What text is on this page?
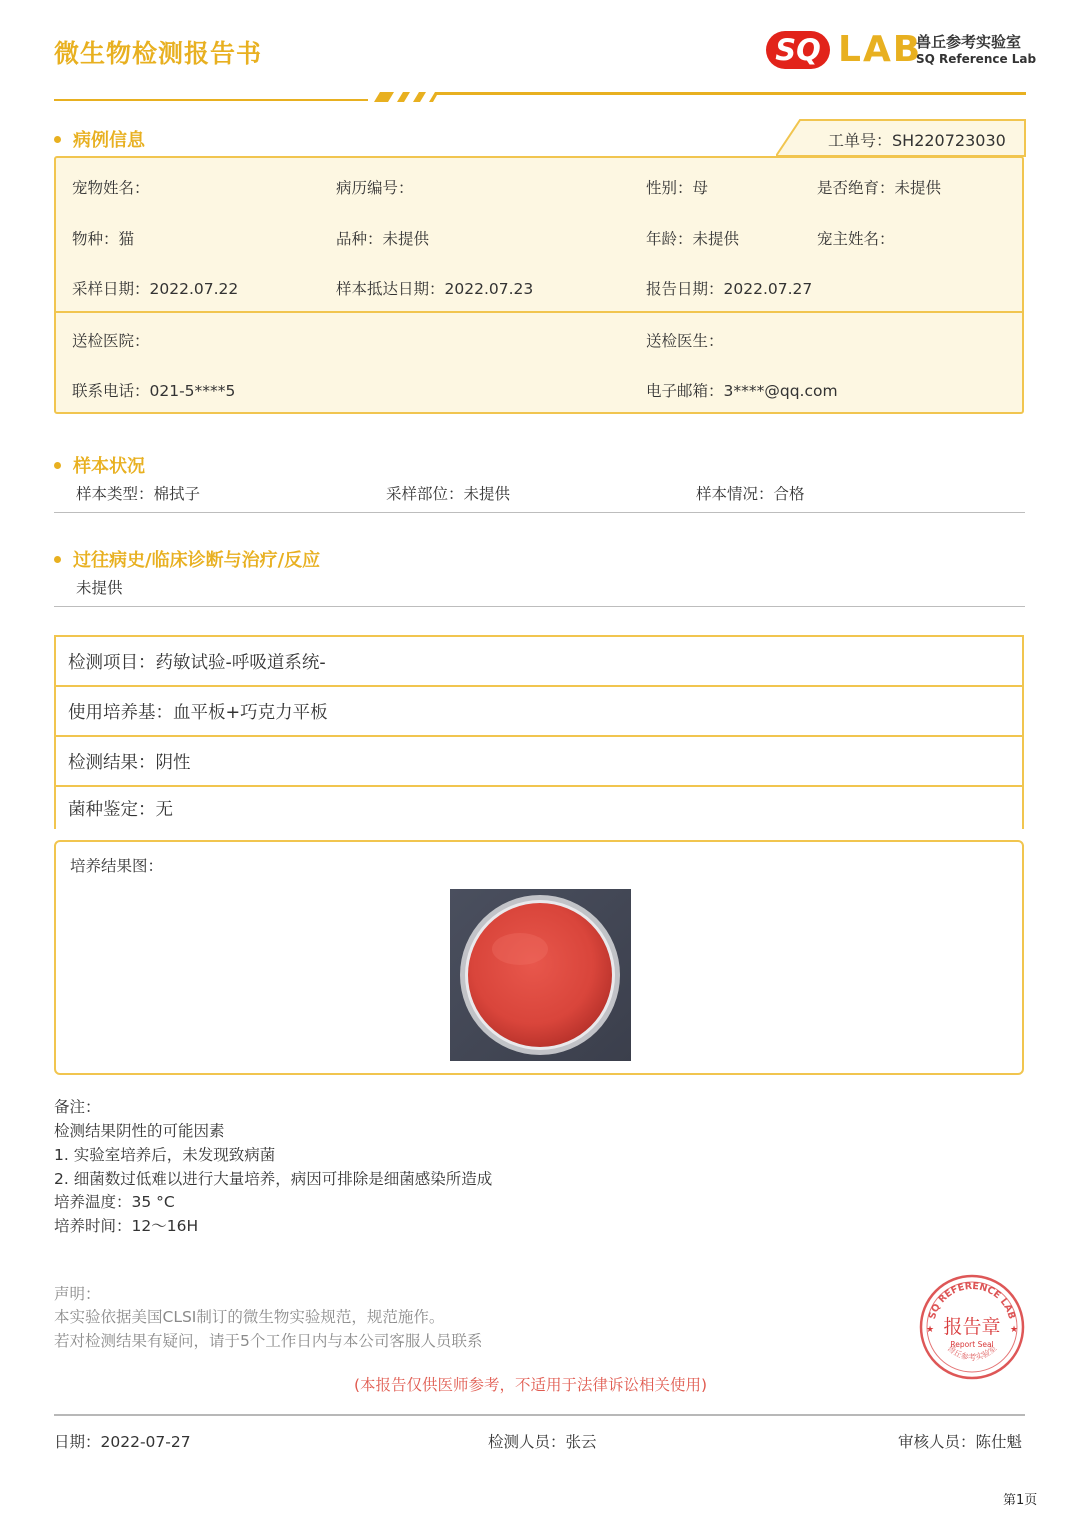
微生物检测报告书	SQ LAB
兽丘参考实验室
SQ Reference Lab
病例信息	工单号：SH220723030
宠物姓名：	病历编号：	性别：母	是否绝育：未提供
物种：猫	品种：未提供	年龄：未提供	宠主姓名：
采样日期：2022.07.22	样本抵达日期：2022.07.23	报告日期：2022.07.27
送检医院：	送检医生：
联系电话：021-5****5	电子邮箱：3****@qq.com
样本状况
样本类型：棉拭子	采样部位：未提供	样本情况：合格
过往病史/临床诊断与治疗/反应
未提供
检测项目：药敏试验-呼吸道系统-
使用培养基：血平板+巧克力平板
检测结果：阴性
菌种鉴定：无
培养结果图：
备注：
检测结果阴性的可能因素
1. 实验室培养后，未发现致病菌
2. 细菌数过低难以进行大量培养，病因可排除是细菌感染所造成
培养温度：35 °C
培养时间：12～16H
声明：
本实验依据美国CLSI制订的微生物实验规范，规范施作。
若对检测结果有疑问，请于5个工作日内与本公司客服人员联系
(本报告仅供医师参考，不适用于法律诉讼相关使用)
SQ REFERENCE LAB
兽丘参考实验室
★	★
报告章
Report Seal
日期：2022-07-27	检测人员：张云	审核人员：陈仕魁
第1页
